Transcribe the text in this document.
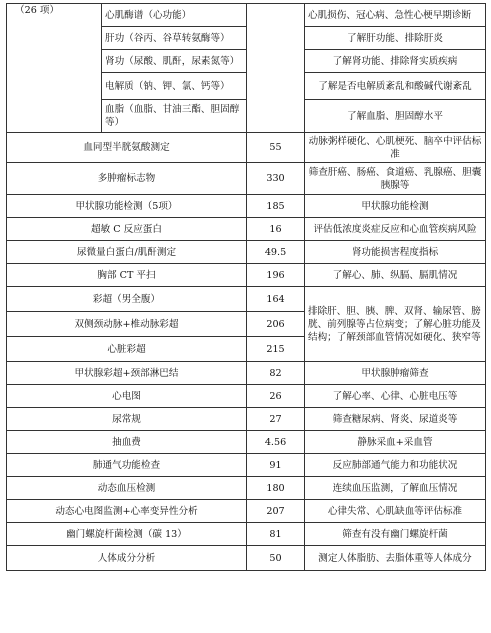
（26 项）	心肌酶谱（心功能）		心肌损伤、冠心病、急性心梗早期诊断
	肝功（谷丙、谷草转氨酶等）		了解肝功能、排除肝炎
	肾功（尿酸、肌酐，尿素氮等）		了解肾功能、排除肾实质疾病
	电解质（钠、钾、氯、钙等）		了解是否电解质紊乱和酸碱代谢紊乱
	血脂（血脂、甘油三酯、胆固醇等）		了解血脂、胆固醇水平
血同型半胱氨酸测定		55	动脉粥样硬化、心肌梗死、脑卒中评估标准
多肿瘤标志物		330	筛查肝癌、肠癌、食道癌、乳腺癌、胆囊胰腺等
甲状腺功能检测（5项）		185	甲状腺功能检测
超敏 C 反应蛋白		16	评估低浓度炎症反应和心血管疾病风险
尿微量白蛋白/肌酐测定		49.5	肾功能损害程度指标
胸部 CT 平扫		196	了解心、肺、纵膈、膈肌情况
彩超（男全腹）		164	排除肝、胆、胰、脾、双肾、输尿管、膀胱、前列腺等占位病变；了解心脏功能及结构；了解颈部血管情况如硬化、狭窄等
双侧颈动脉+椎动脉彩超		206	
心脏彩超		215	
甲状腺彩超+颈部淋巴结		82	甲状腺肿瘤筛查
心电图		26	了解心率、心律、心脏电压等
尿常规		27	筛查糖尿病、肾炎、尿道炎等
抽血费		4.56	静脉采血+采血管
肺通气功能检查		91	反应肺部通气能力和功能状况
动态血压检测		180	连续血压监测，了解血压情况
动态心电图监测+心率变异性分析		207	心律失常、心肌缺血等评估标准
幽门螺旋杆菌检测（碳 13）		81	筛查有没有幽门螺旋杆菌
人体成分分析		50	测定人体脂肪、去脂体重等人体成分
